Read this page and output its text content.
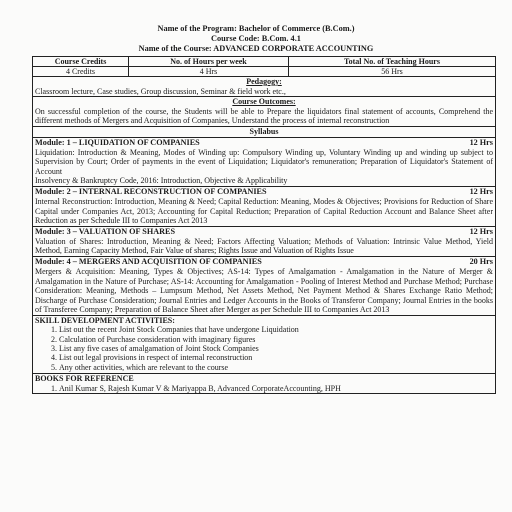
Name of the Program: Bachelor of Commerce (B.Com.)
Course Code: B.Com. 4.1
Name of the Course: ADVANCED CORPORATE ACCOUNTING
Course Credits	No. of Hours per week	Total No. of Teaching Hours
4 Credits	4 Hrs	56 Hrs
Pedagogy:
Classroom lecture, Case studies, Group discussion, Seminar & field work etc.,
Course Outcomes:
On successful completion of the course, the Students will be able to Prepare the liquidators final statement of accounts, Comprehend the different methods of Mergers and Acquisition of Companies, Understand the process of internal reconstruction
Syllabus
Module: 1 – LIQUIDATION OF COMPANIES	12 Hrs
Liquidation: Introduction & Meaning, Modes of Winding up: Compulsory Winding up, Voluntary Winding up and winding up subject to Supervision by Court; Order of payments in the event of Liquidation; Liquidator's remuneration; Preparation of Liquidator's Statement of Account
Insolvency & Bankruptcy Code, 2016: Introduction, Objective & Applicability
Module: 2 – INTERNAL RECONSTRUCTION OF COMPANIES	12 Hrs
Internal Reconstruction: Introduction, Meaning & Need; Capital Reduction: Meaning, Modes & Objectives; Provisions for Reduction of Share Capital under Companies Act, 2013; Accounting for Capital Reduction; Preparation of Capital Reduction Account and Balance Sheet after Reduction as per Schedule III to Companies Act 2013
Module: 3 – VALUATION OF SHARES	12 Hrs
Valuation of Shares: Introduction, Meaning & Need; Factors Affecting Valuation; Methods of Valuation: Intrinsic Value Method, Yield Method, Earning Capacity Method, Fair Value of shares; Rights Issue and Valuation of Rights Issue
Module: 4 – MERGERS AND ACQUISITION OF COMPANIES	20 Hrs
Mergers & Acquisition: Meaning, Types & Objectives; AS-14: Types of Amalgamation - Amalgamation in the Nature of Merger & Amalgamation in the Nature of Purchase; AS-14: Accounting for Amalgamation - Pooling of Interest Method and Purchase Method; Purchase Consideration: Meaning, Methods – Lumpsum Method, Net Assets Method, Net Payment Method & Shares Exchange Ratio Method; Discharge of Purchase Consideration; Journal Entries and Ledger Accounts in the Books of Transferor Company; Journal Entries in the books of Transferee Company; Preparation of Balance Sheet after Merger as per Schedule III to Companies Act 2013
SKILL DEVELOPMENT ACTIVITIES:
1. List out the recent Joint Stock Companies that have undergone Liquidation
2. Calculation of Purchase consideration with imaginary figures
3. List any five cases of amalgamation of Joint Stock Companies
4. List out legal provisions in respect of internal reconstruction
5. Any other activities, which are relevant to the course
BOOKS FOR REFERENCE
1. Anil Kumar S, Rajesh Kumar V & Mariyappa B, Advanced CorporateAccounting, HPH
